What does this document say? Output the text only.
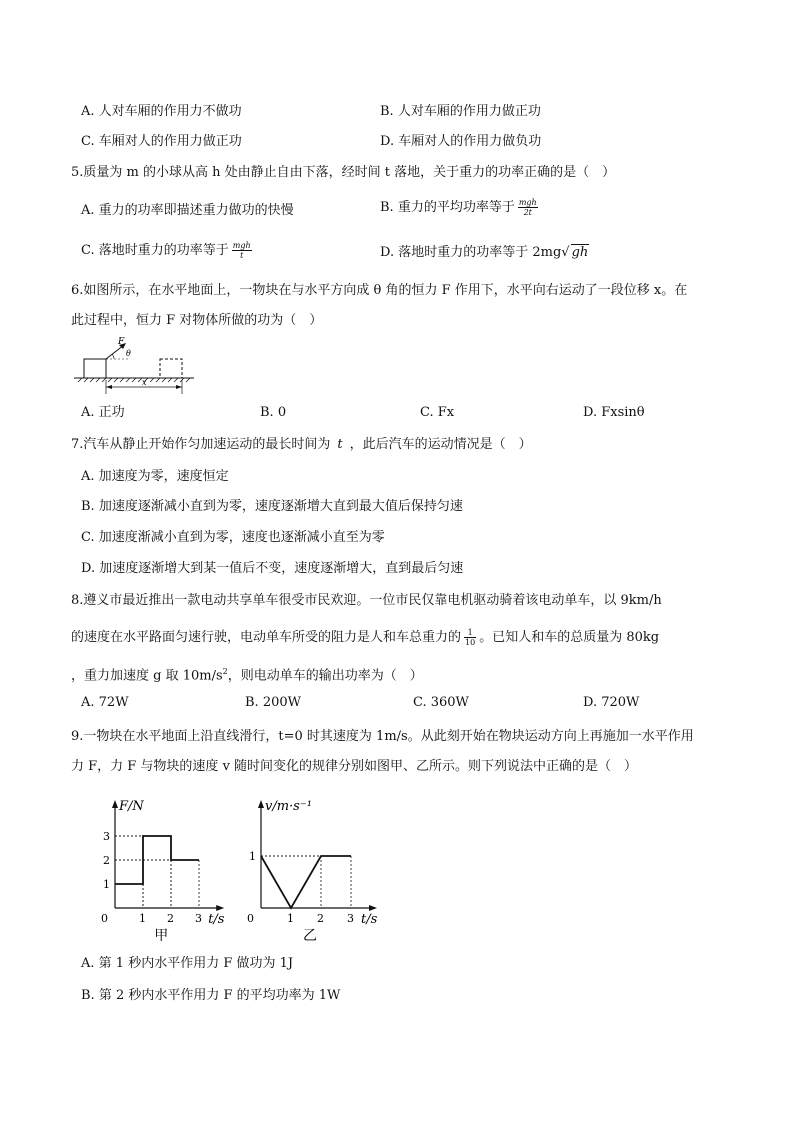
A. 人对车厢的作用力不做功	B. 人对车厢的作用力做正功
C. 车厢对人的作用力做正功	D. 车厢对人的作用力做负功
5.质量为 m 的小球从高 h 处由静止自由下落，经时间 t 落地，关于重力的功率正确的是（　）
A. 重力的功率即描述重力做功的快慢	B. 重力的平均功率等于 $\frac{\text{mgh}}{2t}$
C. 落地时重力的功率等于 $\frac{\text{mgh}}{t}$	D. 落地时重力的功率等于 2mg√ gh
6.如图所示，在水平地面上，一物块在与水平方向成 θ 角的恒力 F 作用下，水平向右运动了一段位移 x。在
此过程中，恒力 F 对物体所做的功为（　）
F
θ
x
A. 正功	B. 0	C. Fx	D. Fxsinθ
7.汽车从静止开始作匀加速运动的最长时间为 t ，此后汽车的运动情况是（　）
A. 加速度为零，速度恒定
B. 加速度逐渐减小直到为零，速度逐渐增大直到最大值后保持匀速
C. 加速度渐减小直到为零，速度也逐渐减小直至为零
D. 加速度逐渐增大到某一值后不变，速度逐渐增大，直到最后匀速
8.遵义市最近推出一款电动共享单车很受市民欢迎。一位市民仅靠电机驱动骑着该电动单车，以 9km/h
的速度在水平路面匀速行驶，电动单车所受的阻力是人和车总重力的 $\frac{1}{10}$ 。已知人和车的总质量为 80kg
，重力加速度 g 取 $10m/s^2$，则电动单车的输出功率为（　）
A. 72W	B. 200W	C. 360W	D. 720W
9.一物块在水平地面上沿直线滑行，t=0 时其速度为 1m/s。从此刻开始在物块运动方向上再施加一水平作用
力 F，力 F 与物块的速度 v 随时间变化的规律分别如图甲、乙所示。则下列说法中正确的是（　）
F/N
t/s
0	1 2 3
1
2
3
甲
v/m·s⁻¹
t/s
0	1 2 3
1
乙
A. 第 1 秒内水平作用力 F 做功为 1J
B. 第 2 秒内水平作用力 F 的平均功率为 1W
